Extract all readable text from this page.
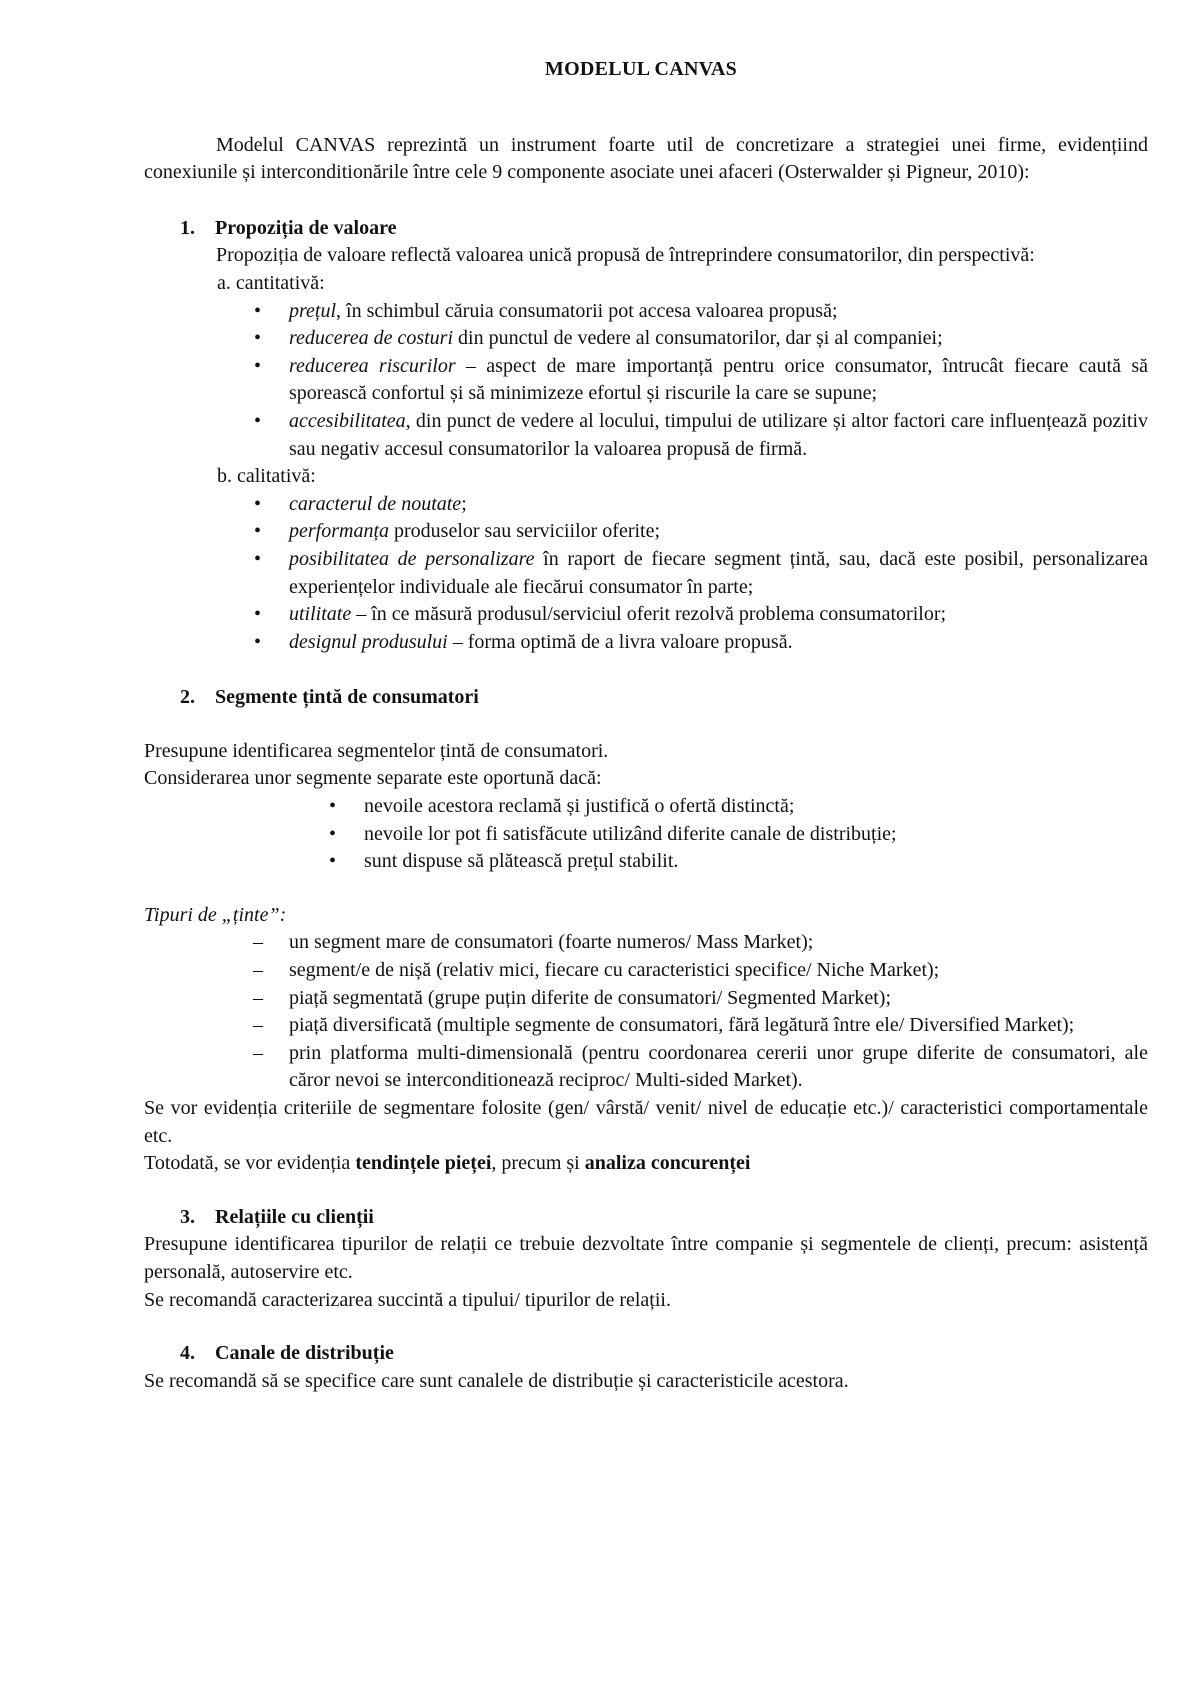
MODELUL CANVAS

Modelul CANVAS reprezintă un instrument foarte util de concretizare a strategiei unei firme, evidențiind conexiunile și interconditionările între cele 9 componente asociate unei afaceri (Osterwalder și Pigneur, 2010):

1. Propoziția de valoare

Propoziția de valoare reflectă valoarea unică propusă de întreprindere consumatorilor, din perspectivă:

a. cantitativă:

• prețul, în schimbul căruia consumatorii pot accesa valoarea propusă;
• reducerea de costuri din punctul de vedere al consumatorilor, dar și al companiei;
• reducerea riscurilor – aspect de mare importanță pentru orice consumator, întrucât fiecare caută să sporească confortul și să minimizeze efortul și riscurile la care se supune;
• accesibilitatea, din punct de vedere al locului, timpului de utilizare și altor factori care influențează pozitiv sau negativ accesul consumatorilor la valoarea propusă de firmă.

b. calitativă:

• caracterul de noutate;
• performanța produselor sau serviciilor oferite;
• posibilitatea de personalizare în raport de fiecare segment țintă, sau, dacă este posibil, personalizarea experiențelor individuale ale fiecărui consumator în parte;
• utilitate – în ce măsură produsul/serviciul oferit rezolvă problema consumatorilor;
• designul produsului – forma optimă de a livra valoare propusă.

2. Segmente țintă de consumatori

Presupune identificarea segmentelor țintă de consumatori.

Considerarea unor segmente separate este oportună dacă:

• nevoile acestora reclamă și justifică o ofertă distinctă;
• nevoile lor pot fi satisfăcute utilizând diferite canale de distribuție;
• sunt dispuse să plătească prețul stabilit.

Tipuri de „ținte”:

– un segment mare de consumatori (foarte numeros/ Mass Market);
– segment/e de nișă (relativ mici, fiecare cu caracteristici specifice/ Niche Market);
– piață segmentată (grupe puțin diferite de consumatori/ Segmented Market);
– piață diversificată (multiple segmente de consumatori, fără legătură între ele/ Diversified Market);
– prin platforma multi-dimensională (pentru coordonarea cererii unor grupe diferite de consumatori, ale căror nevoi se interconditionează reciproc/ Multi-sided Market).

Se vor evidenția criteriile de segmentare folosite (gen/ vârstă/ venit/ nivel de educație etc.)/ caracteristici comportamentale etc.

Totodată, se vor evidenția tendințele pieței, precum și analiza concurenței

3. Relațiile cu clienții

Presupune identificarea tipurilor de relații ce trebuie dezvoltate între companie și segmentele de clienți, precum: asistență personală, autoservire etc.

Se recomandă caracterizarea succintă a tipului/ tipurilor de relații.

4. Canale de distribuție

Se recomandă să se specifice care sunt canalele de distribuție și caracteristicile acestora.
